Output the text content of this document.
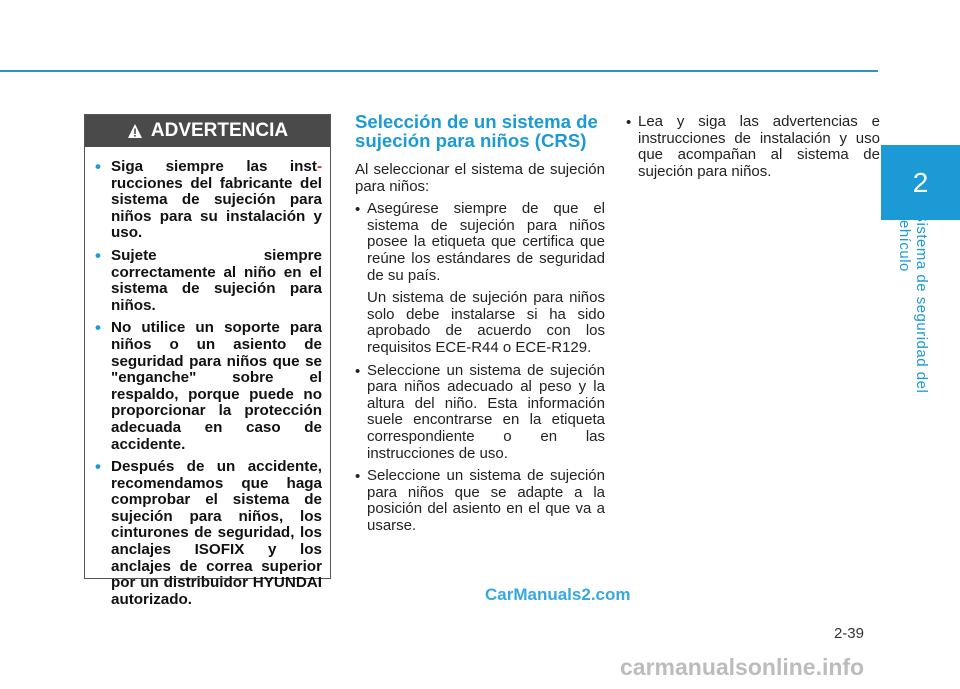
2
Sistema de seguridad del vehículo
ADVERTENCIA
• Siga siempre las inst-rucciones del fabricante del sistema de sujeción para niños para su instalación y uso.
• Sujete siempre correctamente al niño en el sistema de sujeción para niños.
• No utilice un soporte para niños o un asiento de seguridad para niños que se "enganche" sobre el respaldo, porque puede no proporcionar la protección adecuada en caso de accidente.
• Después de un accidente, recomendamos que haga comprobar el sistema de sujeción para niños, los cinturones de seguridad, los anclajes ISOFIX y los anclajes de correa superior por un distribuidor HYUNDAI autorizado.
Selección de un sistema de sujeción para niños (CRS)

Al seleccionar el sistema de sujeción para niños:

• Asegúrese siempre de que el sistema de sujeción para niños posee la etiqueta que certifica que reúne los estándares de seguridad de su país.

Un sistema de sujeción para niños solo debe instalarse si ha sido aprobado de acuerdo con los requisitos ECE-R44 o ECE-R129.

• Seleccione un sistema de sujeción para niños adecuado al peso y la altura del niño. Esta información suele encontrarse en la etiqueta correspondiente o en las instrucciones de uso.

• Seleccione un sistema de sujeción para niños que se adapte a la posición del asiento en el que va a usarse.

• Lea y siga las advertencias e instrucciones de instalación y uso que acompañan al sistema de sujeción para niños.

2-39
CarManuals2.com
carmanualsonline.info
